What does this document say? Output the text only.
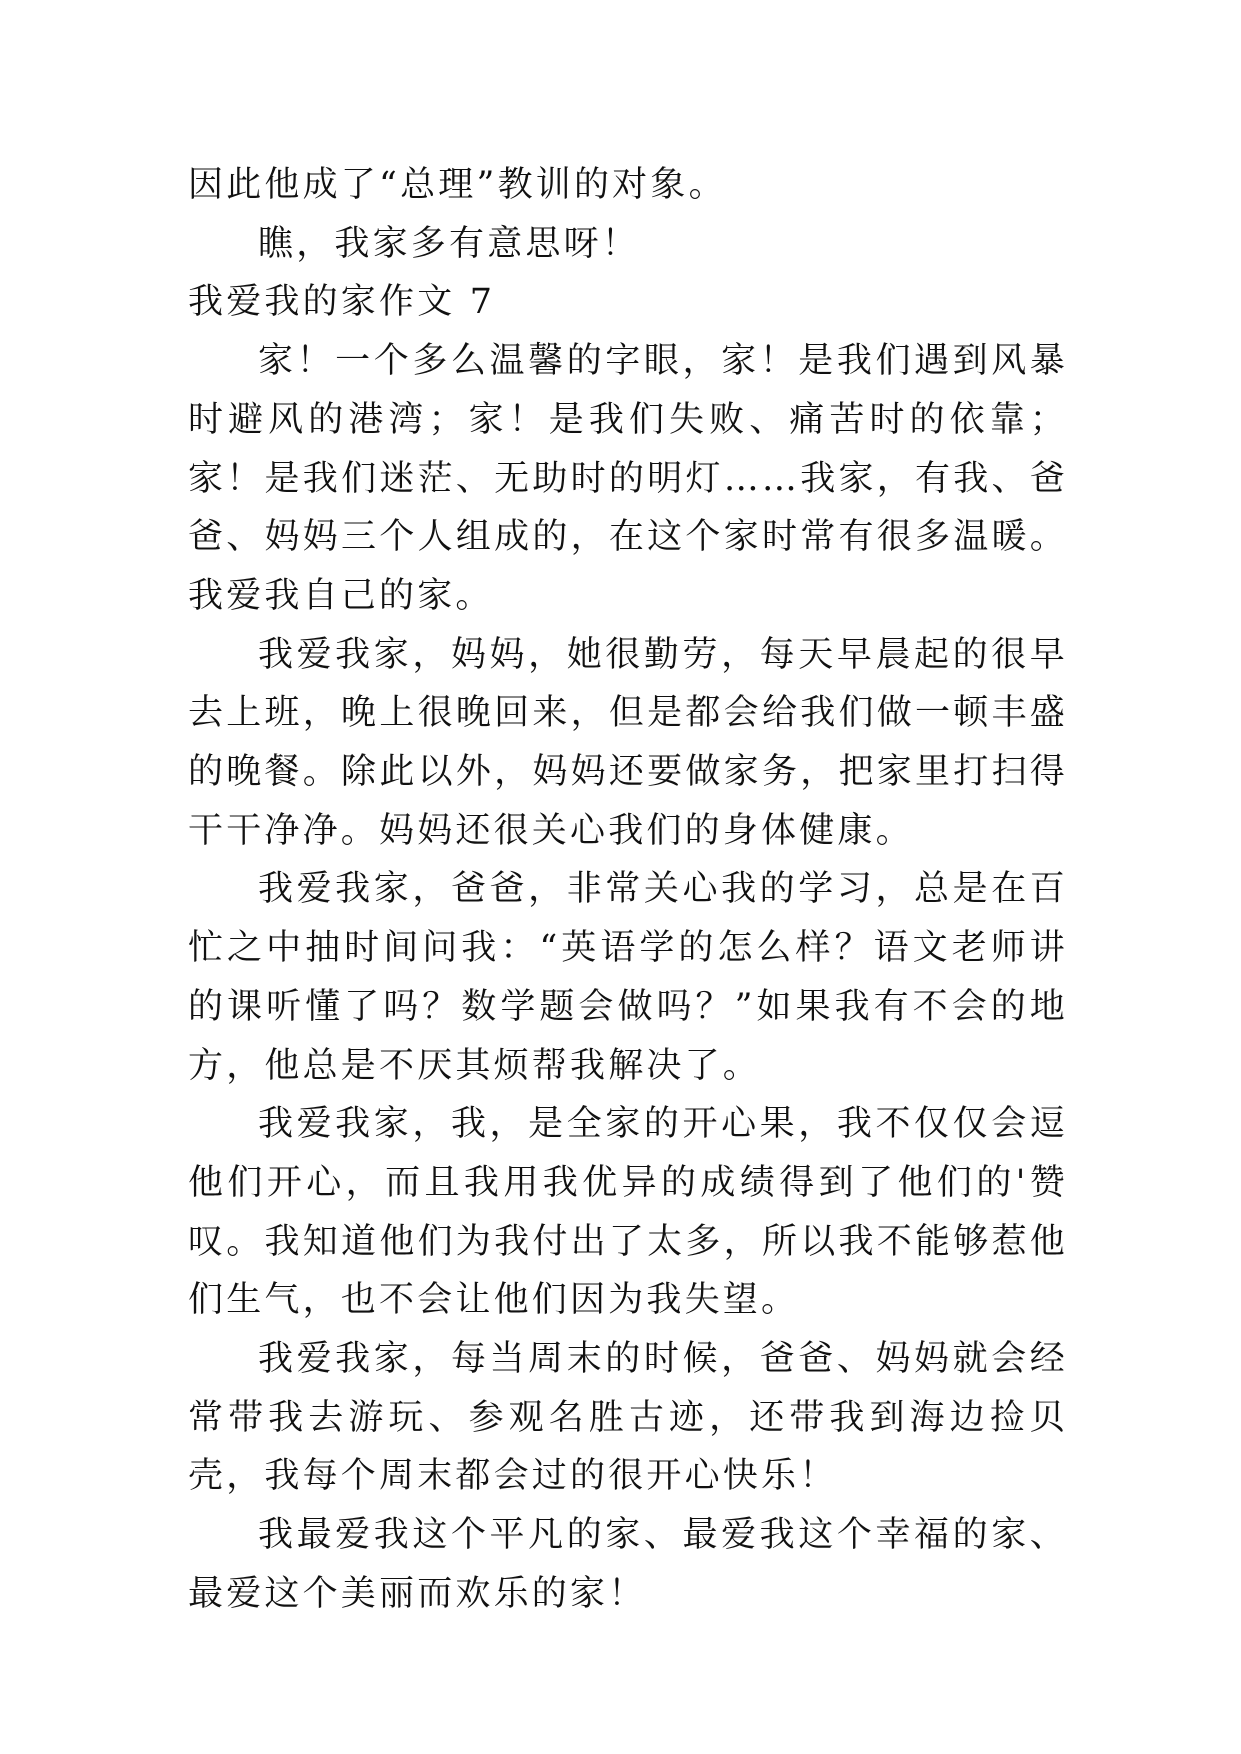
因此他成了“总理”教训的对象。

瞧，我家多有意思呀！

我爱我的家作文 7

家！一个多么温馨的字眼，家！是我们遇到风暴时避风的港湾；家！是我们失败、痛苦时的依靠；家！是我们迷茫、无助时的明灯……我家，有我、爸爸、妈妈三个人组成的，在这个家时常有很多温暖。我爱我自己的家。

我爱我家，妈妈，她很勤劳，每天早晨起的很早去上班，晚上很晚回来，但是都会给我们做一顿丰盛的晚餐。除此以外，妈妈还要做家务，把家里打扫得干干净净。妈妈还很关心我们的身体健康。

我爱我家，爸爸，非常关心我的学习，总是在百忙之中抽时间问我：“英语学的怎么样？语文老师讲的课听懂了吗？数学题会做吗？”如果我有不会的地方，他总是不厌其烦帮我解决了。

我爱我家，我，是全家的开心果，我不仅仅会逗他们开心，而且我用我优异的成绩得到了他们的'赞叹。我知道他们为我付出了太多，所以我不能够惹他们生气，也不会让他们因为我失望。

我爱我家，每当周末的时候，爸爸、妈妈就会经常带我去游玩、参观名胜古迹，还带我到海边捡贝壳，我每个周末都会过的很开心快乐！

我最爱我这个平凡的家、最爱我这个幸福的家、最爱这个美丽而欢乐的家！
